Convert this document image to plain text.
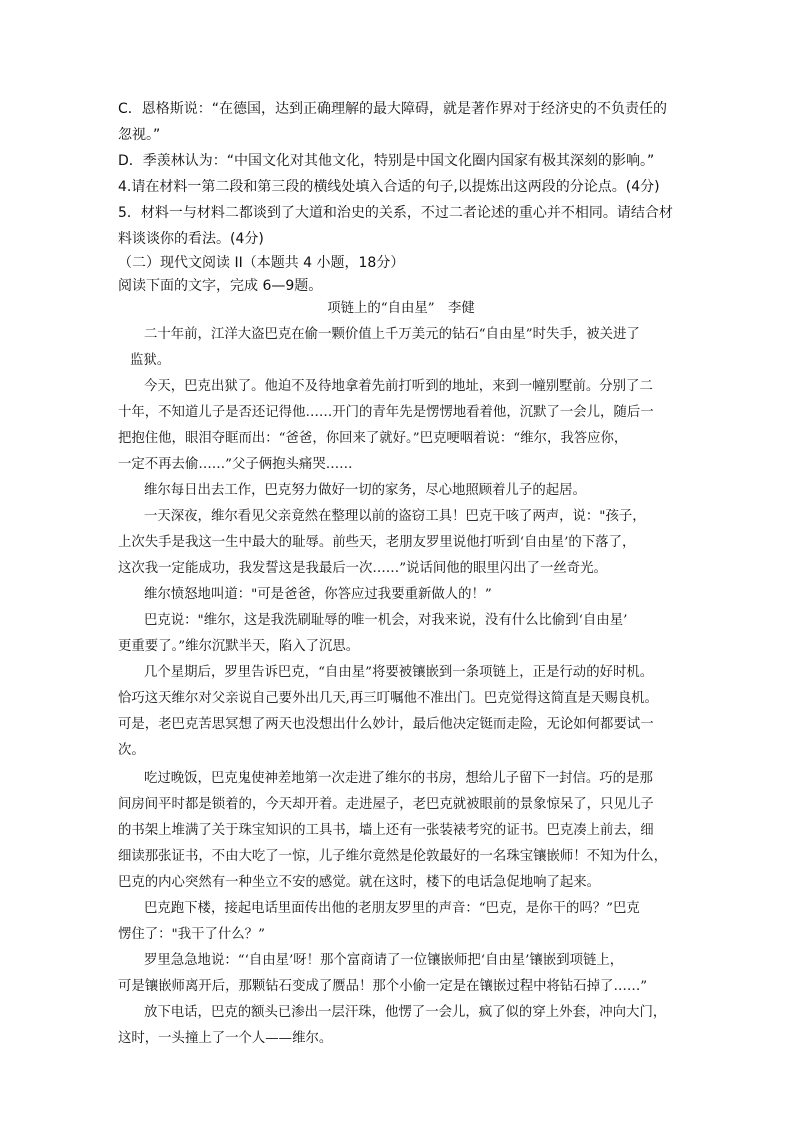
C．恩格斯说：“在德国，达到正确理解的最大障碍，就是著作界对于经济史的不负责任的

忽视。”

D．季羡林认为：“中国文化对其他文化，特别是中国文化圈内国家有极其深刻的影响。”

4.请在材料一第二段和第三段的横线处填入合适的句子,以提炼出这两段的分论点。(4分)

5．材料一与材料二都谈到了大道和治史的关系，不过二者论述的重心并不相同。请结合材

料谈谈你的看法。(4分)

（二）现代文阅读 II（本题共 4 小题，18分）

阅读下面的文字，完成 6—9题。

项链上的“自由星”　李健

二十年前，江洋大盗巴克在偷一颗价值上千万美元的钻石“自由星”时失手，被关进了

监狱。

今天，巴克出狱了。他迫不及待地拿着先前打听到的地址，来到一幢别墅前。分别了二

十年，不知道儿子是否还记得他……开门的青年先是愣愣地看着他，沉默了一会儿，随后一

把抱住他，眼泪夺眶而出：“爸爸，你回来了就好。”巴克哽咽着说：“维尔，我答应你，

一定不再去偷……”父子俩抱头痛哭……

维尔每日出去工作，巴克努力做好一切的家务，尽心地照顾着儿子的起居。

一天深夜，维尔看见父亲竟然在整理以前的盗窃工具！巴克干咳了两声，说："孩子，

上次失手是我这一生中最大的耻辱。前些天，老朋友罗里说他打听到‘自由星’的下落了，

这次我一定能成功，我发誓这是我最后一次……”说话间他的眼里闪出了一丝奇光。

维尔愤怒地叫道："可是爸爸，你答应过我要重新做人的！”

巴克说："维尔，这是我洗刷耻辱的唯一机会，对我来说，没有什么比偷到‘自由星’

更重要了。”维尔沉默半天，陷入了沉思。

几个星期后，罗里告诉巴克，“自由星”将要被镶嵌到一条项链上，正是行动的好时机。

恰巧这天维尔对父亲说自己要外出几天,再三叮嘱他不准出门。巴克觉得这简直是天赐良机。

可是，老巴克苦思冥想了两天也没想出什么妙计，最后他决定铤而走险，无论如何都要试一

次。

吃过晚饭，巴克鬼使神差地第一次走进了维尔的书房，想给儿子留下一封信。巧的是那

间房间平时都是锁着的，今天却开着。走进屋子，老巴克就被眼前的景象惊呆了，只见儿子

的书架上堆满了关于珠宝知识的工具书，墙上还有一张装裱考究的证书。巴克凑上前去，细

细读那张证书，不由大吃了一惊，儿子维尔竟然是伦敦最好的一名珠宝镶嵌师！不知为什么，

巴克的内心突然有一种坐立不安的感觉。就在这时，楼下的电话急促地响了起来。

巴克跑下楼，接起电话里面传出他的老朋友罗里的声音：“巴克，是你干的吗？”巴克

愣住了："我干了什么？”

罗里急急地说：“‘自由星’呀！那个富商请了一位镶嵌师把‘自由星’镶嵌到项链上，

可是镶嵌师离开后，那颗钻石变成了赝品！那个小偷一定是在镶嵌过程中将钻石掉了……”

放下电话，巴克的额头已渗出一层汗珠，他愣了一会儿，疯了似的穿上外套，冲向大门，

这时，一头撞上了一个人——维尔。
